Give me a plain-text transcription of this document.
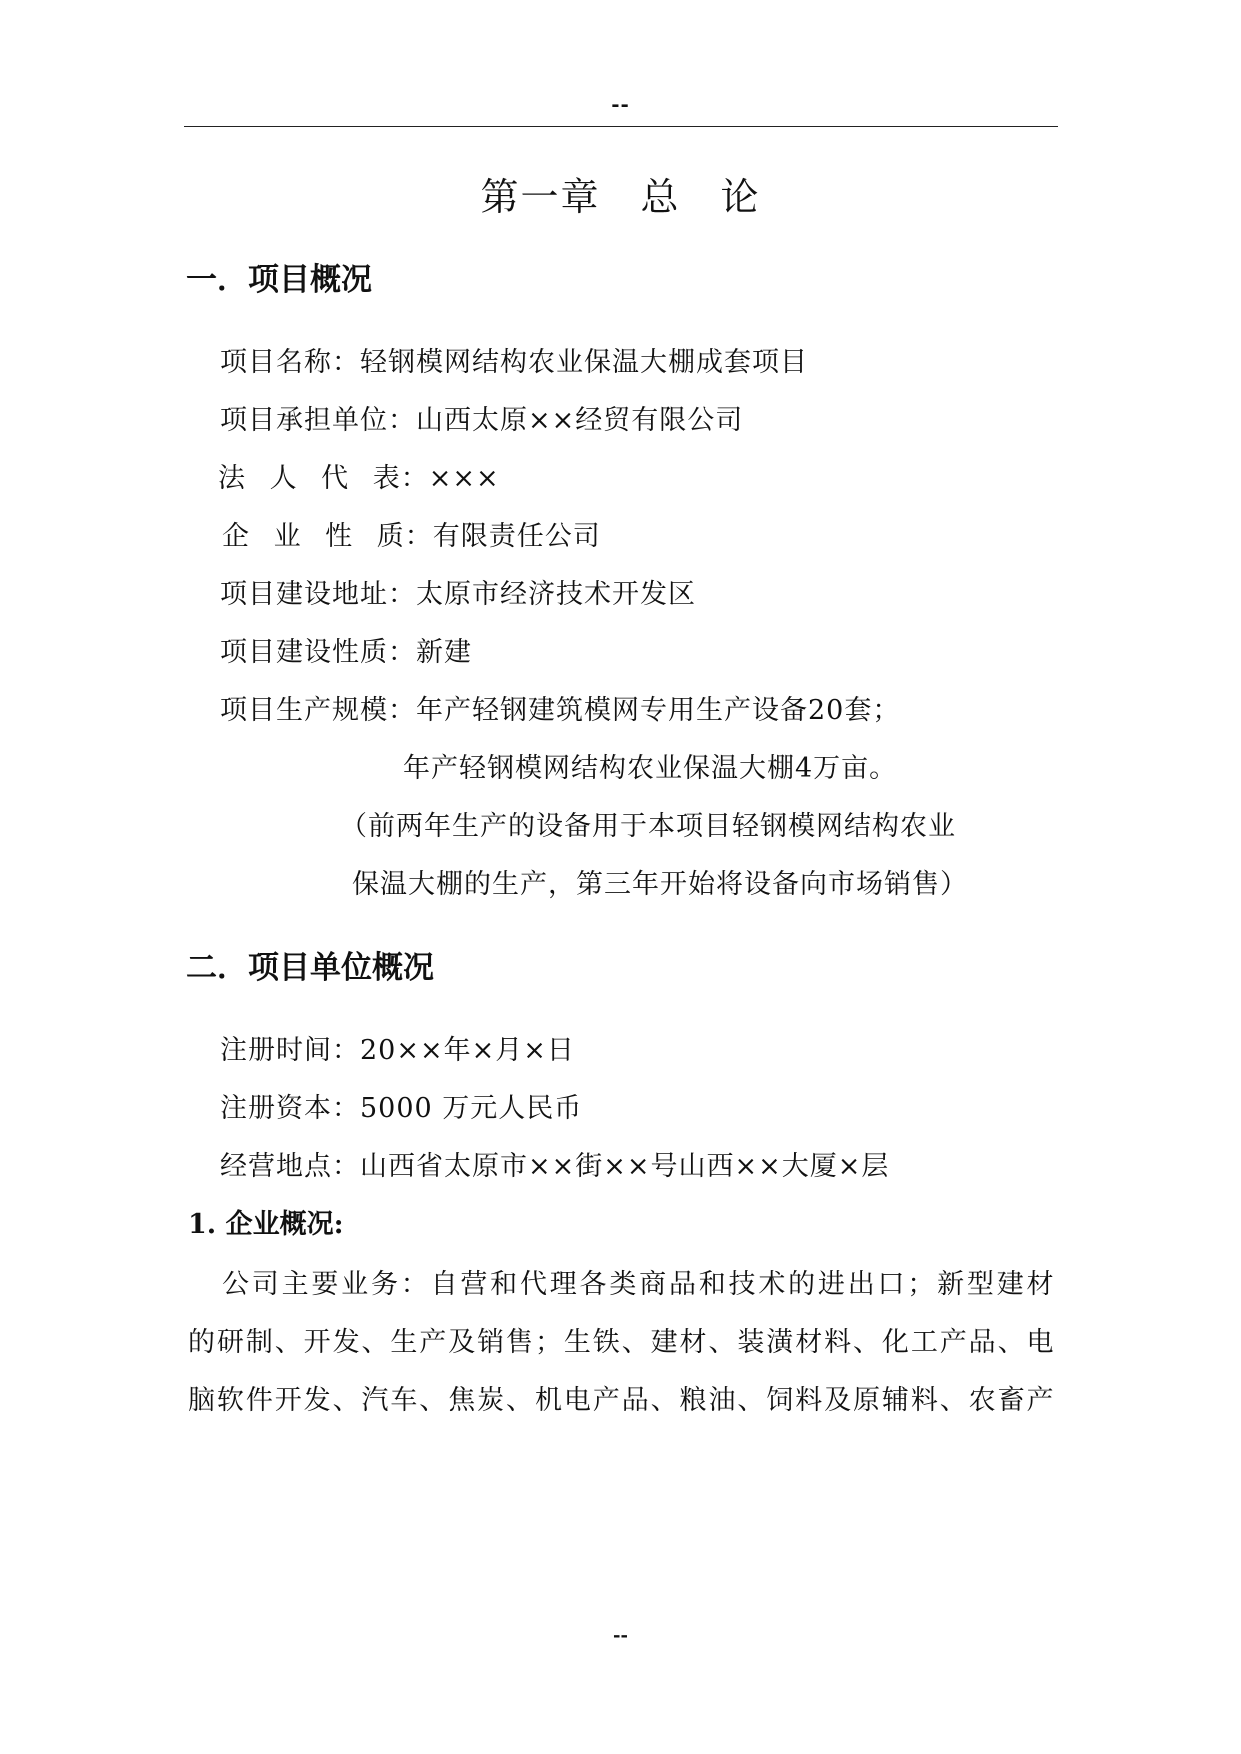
--
第一章　总　论
一．项目概况
项目名称：轻钢模网结构农业保温大棚成套项目
项目承担单位：山西太原××经贸有限公司
法 人 代 表：×××
企 业 性 质：有限责任公司
项目建设地址：太原市经济技术开发区
项目建设性质：新建
项目生产规模：年产轻钢建筑模网专用生产设备20套；
年产轻钢模网结构农业保温大棚4万亩。
（前两年生产的设备用于本项目轻钢模网结构农业
保温大棚的生产，第三年开始将设备向市场销售）
二．项目单位概况
注册时间：20××年×月×日
注册资本：5000 万元人民币
经营地点：山西省太原市××街××号山西××大厦×层
1. 企业概况:
公司主要业务：自营和代理各类商品和技术的进出口；新型建材
的研制、开发、生产及销售；生铁、建材、装潢材料、化工产品、电
脑软件开发、汽车、焦炭、机电产品、粮油、饲料及原辅料、农畜产
--
